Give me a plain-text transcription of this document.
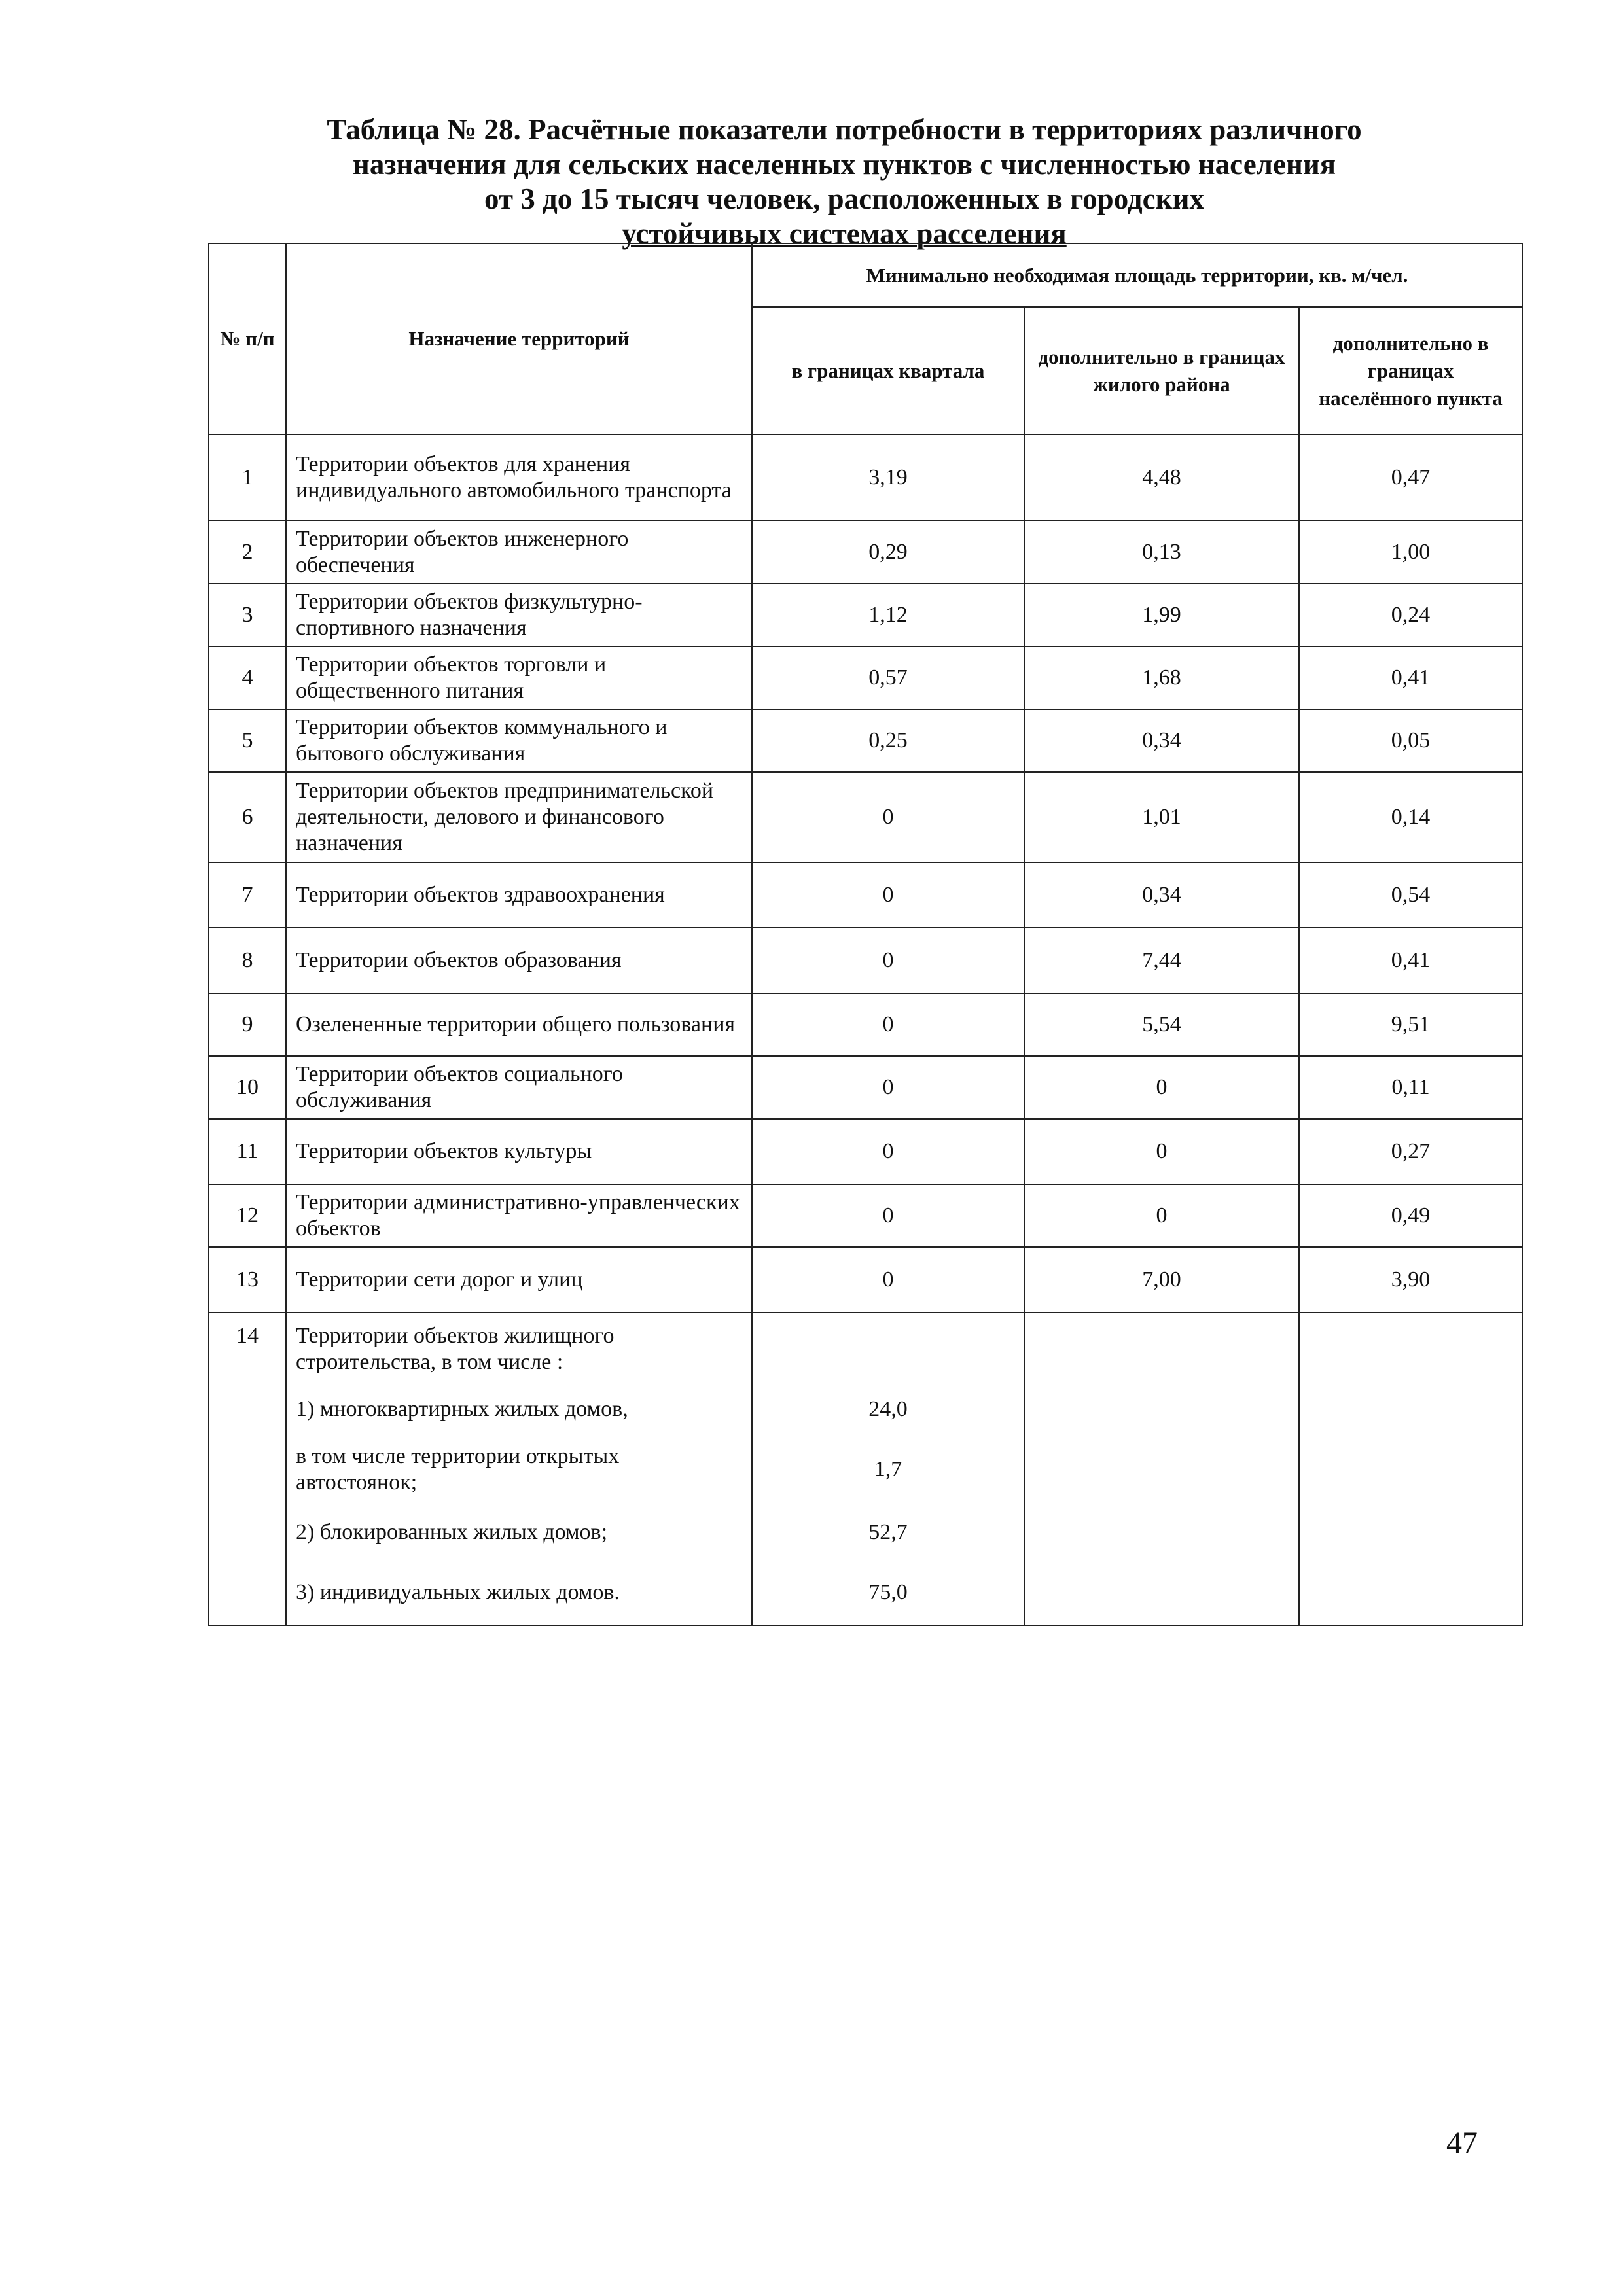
Таблица № 28. Расчётные показатели потребности в территориях различного
назначения для сельских населенных пунктов с численностью населения
от 3 до 15 тысяч человек, расположенных в городских
устойчивых системах расселения
№ п/п	Назначение территорий	Минимально необходимая площадь территории, кв. м/чел.		
		в границах квартала	дополнительно в границах жилого района	дополнительно в границах населённого пункта
1	Территории объектов для хранения индивидуального автомобильного транспорта	3,19	4,48	0,47
2	Территории объектов инженерного обеспечения	0,29	0,13	1,00
3	Территории объектов физкультурно-спортивного назначения	1,12	1,99	0,24
4	Территории объектов торговли и общественного питания	0,57	1,68	0,41
5	Территории объектов коммунального и бытового обслуживания	0,25	0,34	0,05
6	Территории объектов предпринимательской деятельности, делового и финансового назначения	0	1,01	0,14
7	Территории объектов здравоохранения	0	0,34	0,54
8	Территории объектов образования	0	7,44	0,41
9	Озелененные территории общего пользования	0	5,54	9,51
10	Территории объектов социального обслуживания	0	0	0,11
11	Территории объектов культуры	0	0	0,27
12	Территории административно-управленческих объектов	0	0	0,49
13	Территории сети дорог и улиц	0	7,00	3,90
14	Территории объектов жилищного строительства, в том числе :			
	1) многоквартирных жилых домов,	24,0		
	в том числе территории открытых автостоянок;	1,7		
	2) блокированных жилых домов;	52,7		
	3) индивидуальных жилых домов.	75,0		
47
